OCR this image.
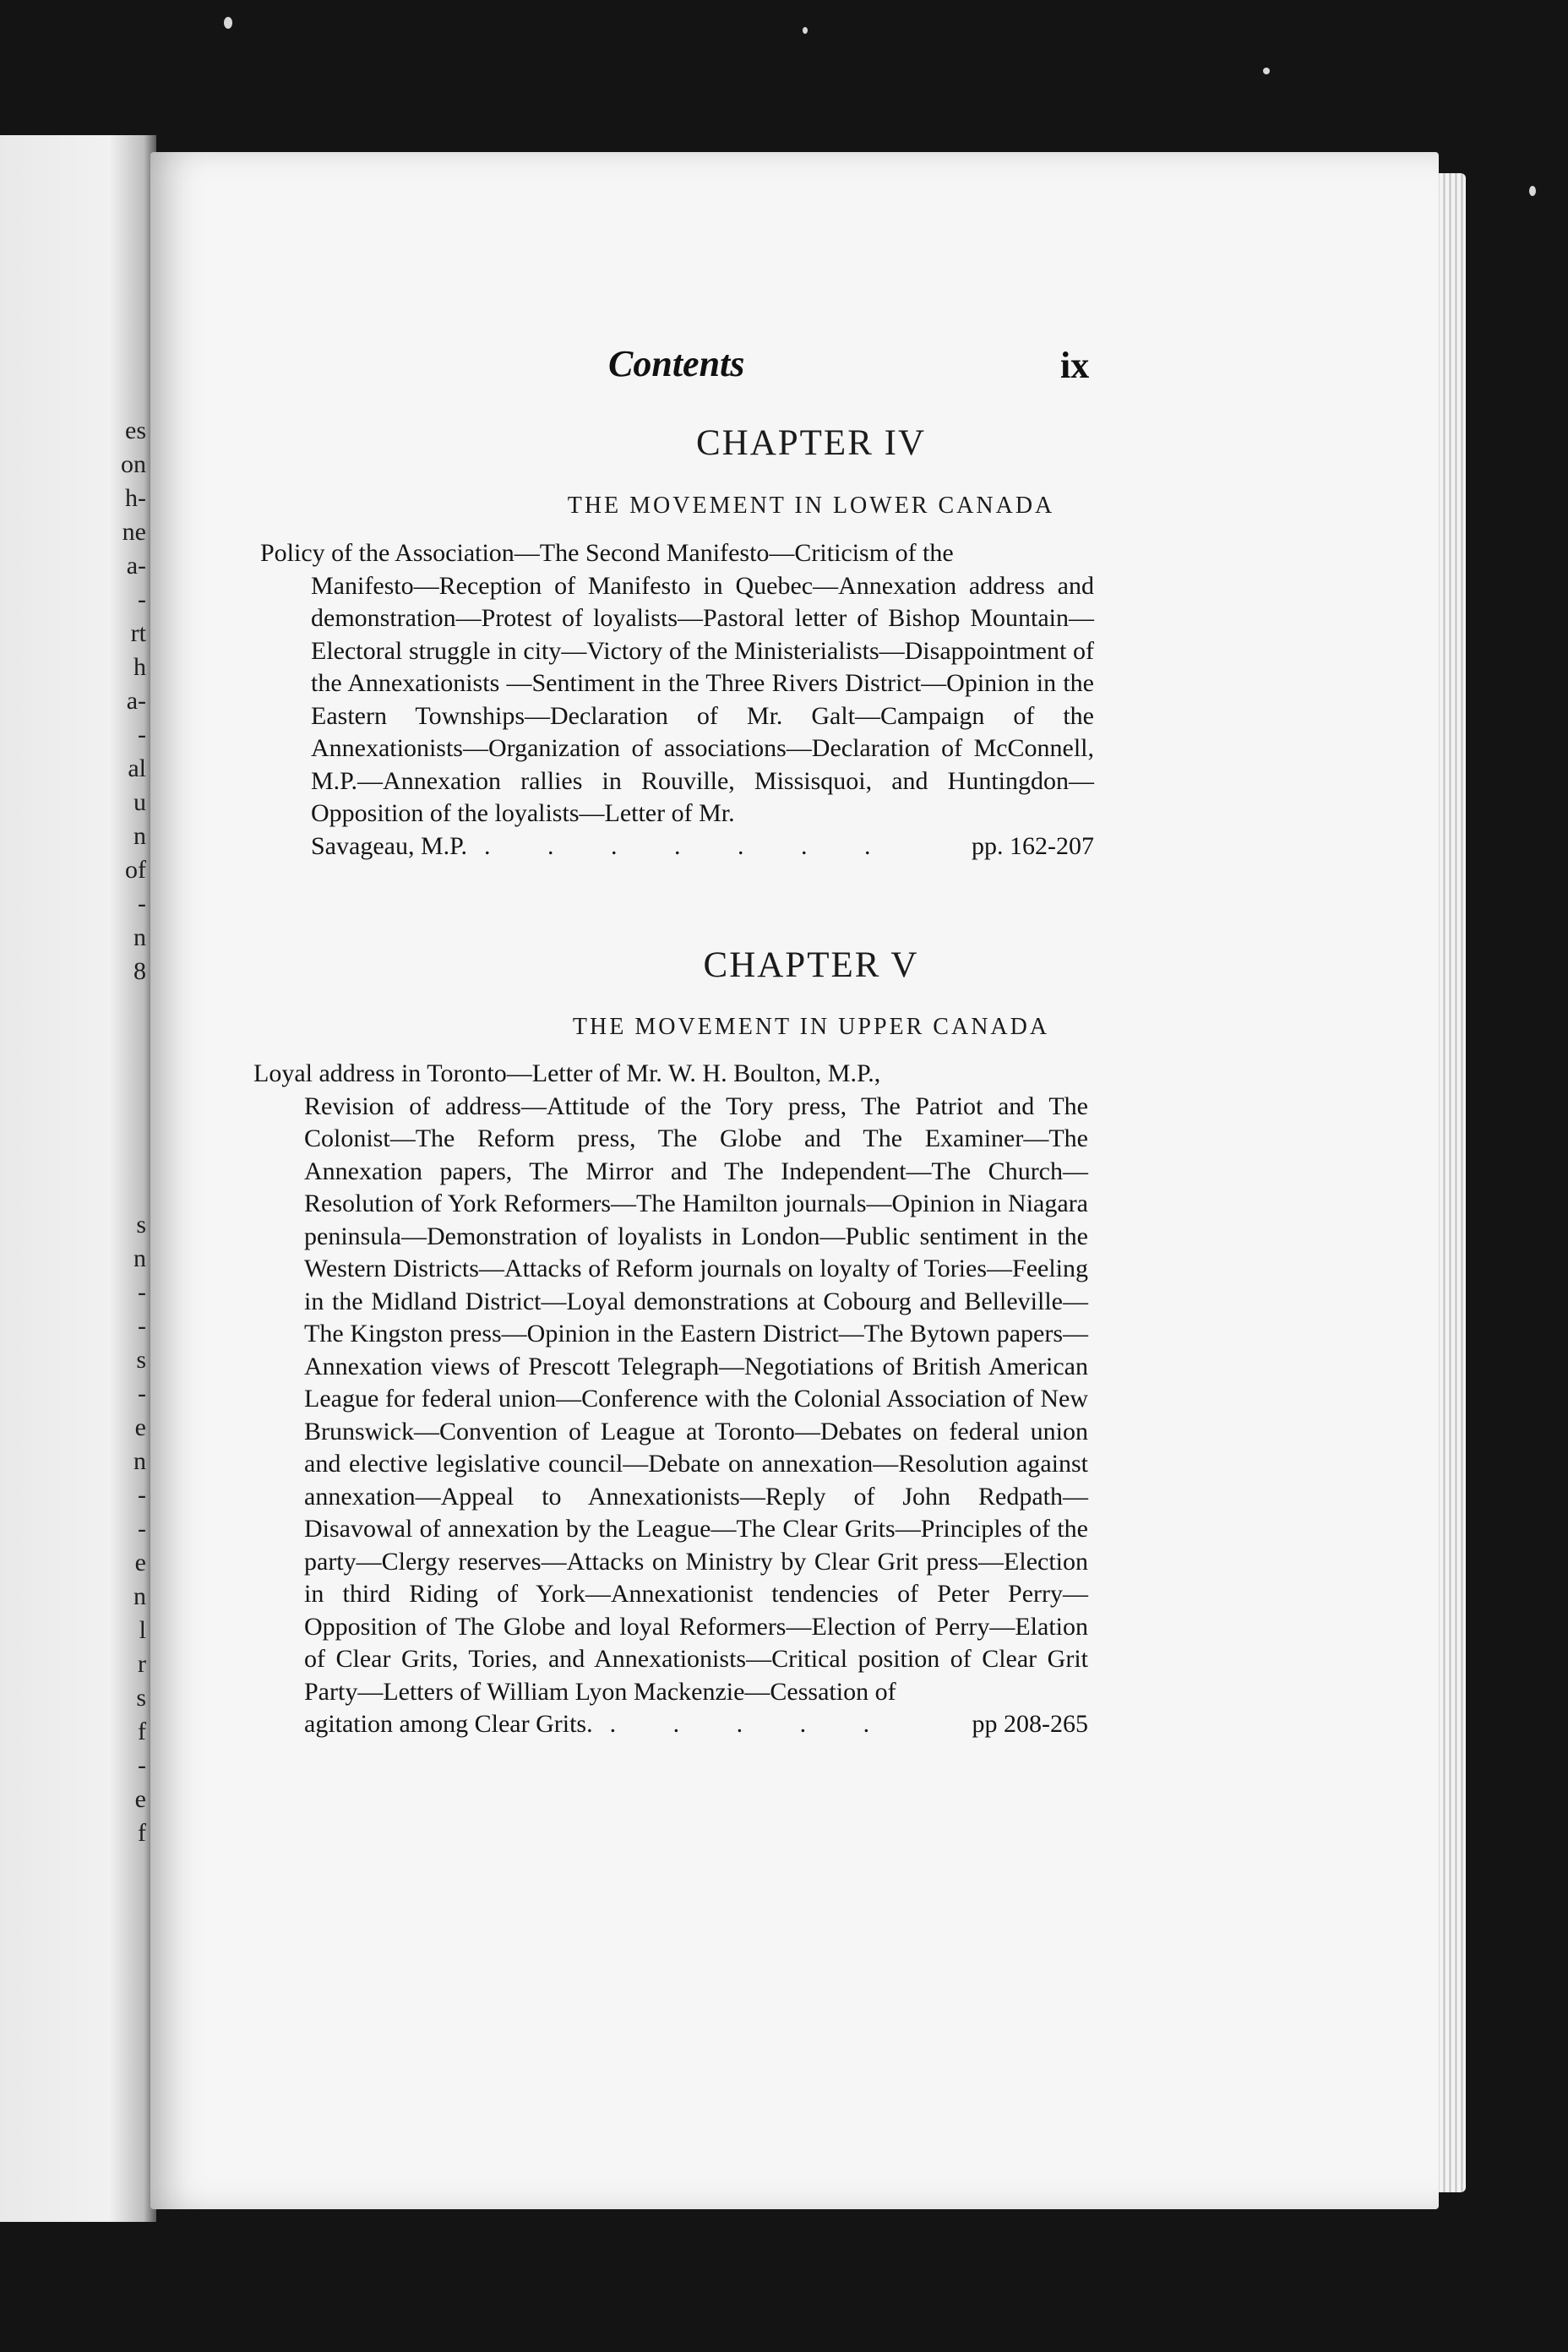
es
on
h-
ne
a-
-
rt
h
a-
-
al
u
n
of
-
n
8
s
n
-
-
s
-
e
n
-
-
e
n
l
r
s
f
-
e
f
Contents	ix
CHAPTER IV
THE MOVEMENT IN LOWER CANADA
Policy of the Association—The Second Manifesto—Criticism of the
Manifesto—Reception of Manifesto in Quebec—Annexation address and demonstration—Protest of loyalists—Pastoral letter of Bishop Mountain—Electoral struggle in city—Victory of the Ministerialists—Disappointment of the Annexationists —Sentiment in the Three Rivers District—Opinion in the Eastern Townships—Declaration of Mr. Galt—Campaign of the Annexationists—Organization of associations—Declaration of McConnell, M.P.—Annexation rallies in Rouville, Missisquoi, and Huntingdon—Opposition of the loyalists—Letter of Mr.
Savageau, M.P. . . . . . . .	pp. 162-207
CHAPTER V
THE MOVEMENT IN UPPER CANADA
Loyal address in Toronto—Letter of Mr. W. H. Boulton, M.P.,
Revision of address—Attitude of the Tory press, The Patriot and The Colonist—The Reform press, The Globe and The Examiner—The Annexation papers, The Mirror and The Independent—The Church—Resolution of York Reformers—The Hamilton journals—Opinion in Niagara peninsula—Demonstration of loyalists in London—Public sentiment in the Western Districts—Attacks of Reform journals on loyalty of Tories—Feeling in the Midland District—Loyal demonstrations at Cobourg and Belleville—The Kingston press—Opinion in the Eastern District—The Bytown papers—Annexation views of Prescott Telegraph—Negotiations of British American League for federal union—Conference with the Colonial Association of New Brunswick—Convention of League at Toronto—Debates on federal union and elective legislative council—Debate on annexation—Resolution against annexation—Appeal to Annexationists—Reply of John Redpath—Disavowal of annexation by the League—The Clear Grits—Principles of the party—Clergy reserves—Attacks on Ministry by Clear Grit press—Election in third Riding of York—Annexationist tendencies of Peter Perry—Opposition of The Globe and loyal Reformers—Election of Perry—Elation of Clear Grits, Tories, and Annexationists—Critical position of Clear Grit Party—Letters of William Lyon Mackenzie—Cessation of
agitation among Clear Grits. . . . . .	pp 208-265
